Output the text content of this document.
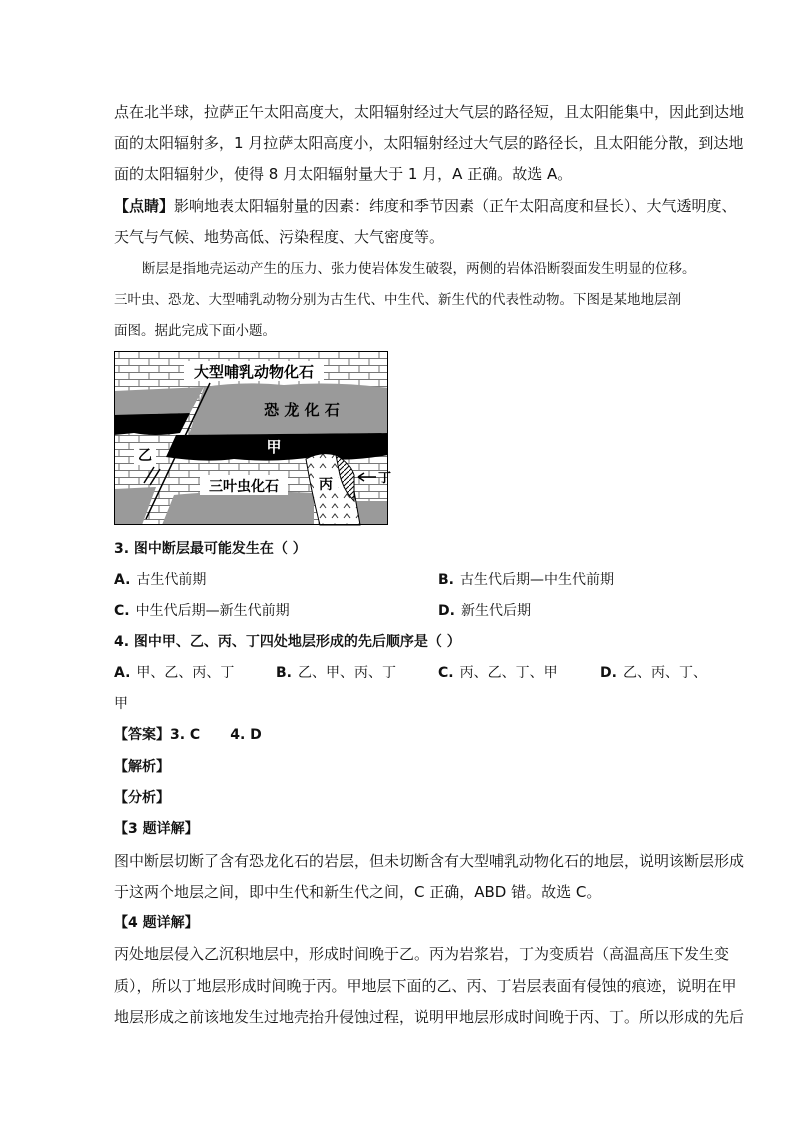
点在北半球，拉萨正午太阳高度大，太阳辐射经过大气层的路径短，且太阳能集中，因此到达地
面的太阳辐射多，1 月拉萨太阳高度小，太阳辐射经过大气层的路径长，且太阳能分散，到达地
面的太阳辐射少，使得 8 月太阳辐射量大于 1 月，A 正确。故选 A。
【点睛】影响地表太阳辐射量的因素：纬度和季节因素（正午太阳高度和昼长）、大气透明度、
天气与气候、地势高低、污染程度、大气密度等。
断层是指地壳运动产生的压力、张力使岩体发生破裂，两侧的岩体沿断裂面发生明显的位移。
三叶虫、恐龙、大型哺乳动物分别为古生代、中生代、新生代的代表性动物。下图是某地地层剖
面图。据此完成下面小题。
大型哺乳动物化石
恐 龙 化 石
甲
乙
三叶虫化石	丙	丁
3. 图中断层最可能发生在（ ）
A. 古生代前期	B. 古生代后期—中生代前期
C. 中生代后期—新生代前期	D. 新生代后期
4. 图中甲、乙、丙、丁四处地层形成的先后顺序是（ ）
A. 甲、乙、丙、丁	B. 乙、甲、丙、丁	C. 丙、乙、丁、甲	D. 乙、丙、丁、
甲
【答案】3. C 4. D
【解析】
【分析】
【3 题详解】
图中断层切断了含有恐龙化石的岩层，但未切断含有大型哺乳动物化石的地层，说明该断层形成
于这两个地层之间，即中生代和新生代之间，C 正确，ABD 错。故选 C。
【4 题详解】
丙处地层侵入乙沉积地层中，形成时间晚于乙。丙为岩浆岩，丁为变质岩（高温高压下发生变
质），所以丁地层形成时间晚于丙。甲地层下面的乙、丙、丁岩层表面有侵蚀的痕迹，说明在甲
地层形成之前该地发生过地壳抬升侵蚀过程，说明甲地层形成时间晚于丙、丁。所以形成的先后
